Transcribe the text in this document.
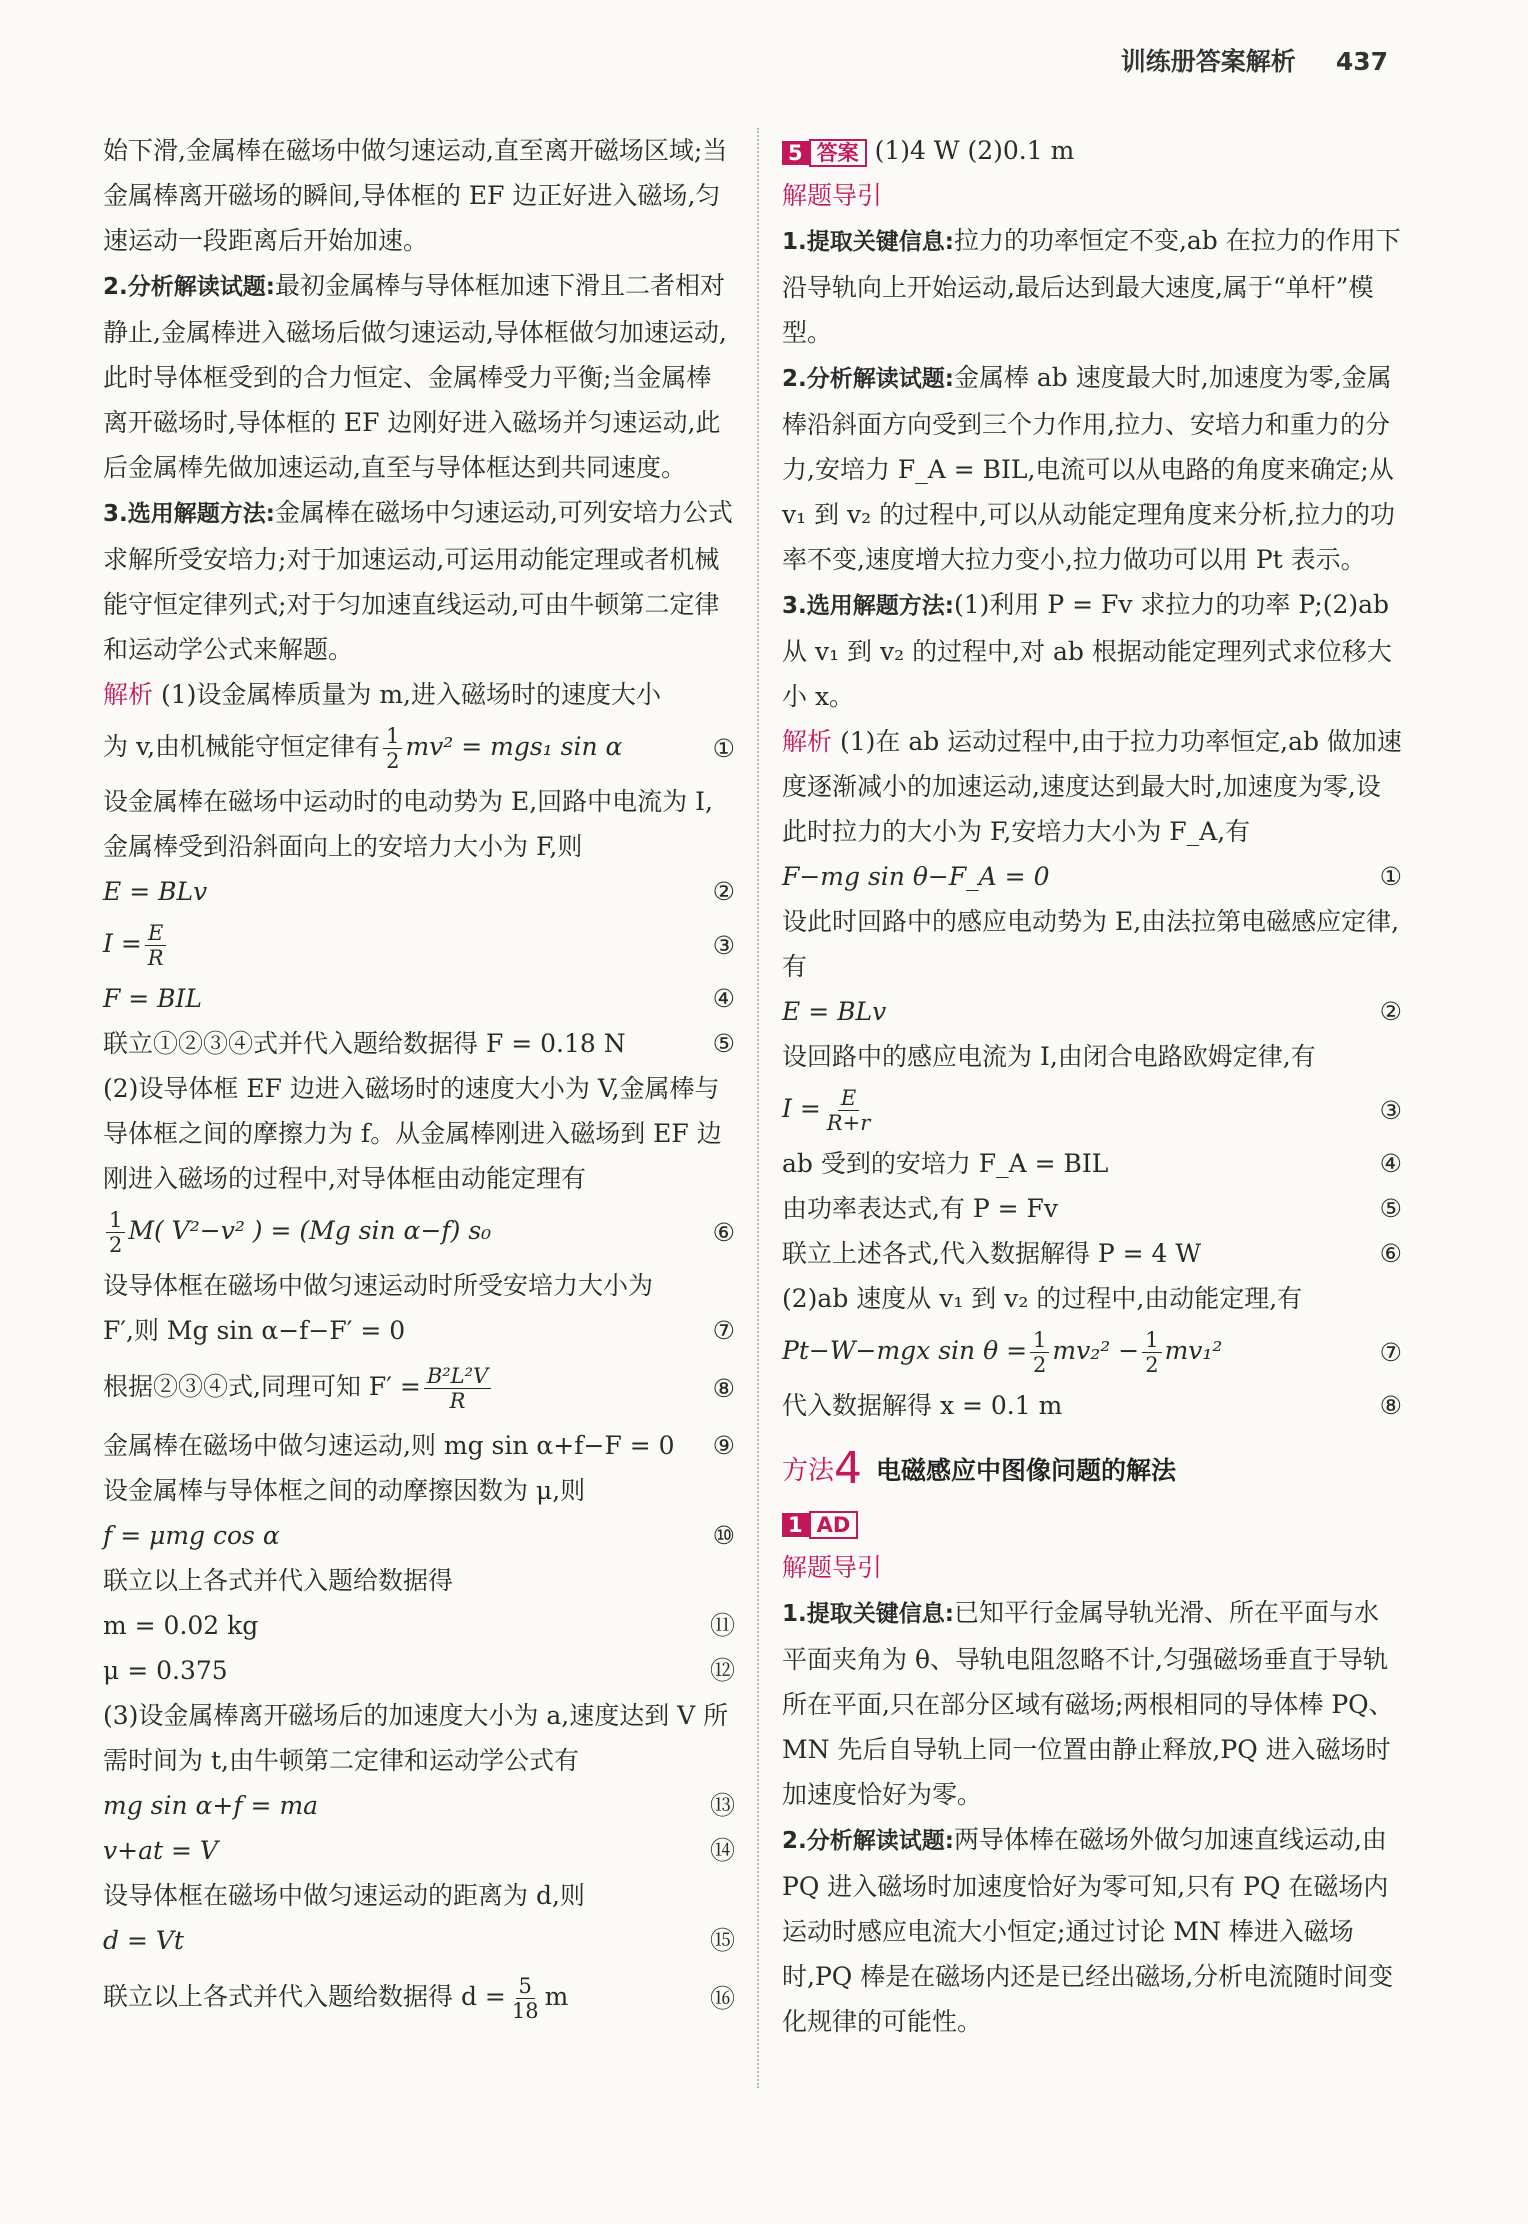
训练册答案解析 437

始下滑,金属棒在磁场中做匀速运动,直至离开磁场区域;当金属棒离开磁场的瞬间,导体框的 EF 边正好进入磁场,匀速运动一段距离后开始加速。

2.分析解读试题:最初金属棒与导体框加速下滑且二者相对静止,金属棒进入磁场后做匀速运动,导体框做匀加速运动,此时导体框受到的合力恒定、金属棒受力平衡;当金属棒离开磁场时,导体框的 EF 边刚好进入磁场并匀速运动,此后金属棒先做加速运动,直至与导体框达到共同速度。

3.选用解题方法:金属棒在磁场中匀速运动,可列安培力公式求解所受安培力;对于加速运动,可运用动能定理或者机械能守恒定律列式;对于匀加速直线运动,可由牛顿第二定律和运动学公式来解题。

解析 (1)设金属棒质量为 m,进入磁场时的速度大小

为 v,由机械能守恒定律有 $\frac{1}{2} mv^2 = mgs_1$ sin α	①

设金属棒在磁场中运动时的电动势为 E,回路中电流为 I,金属棒受到沿斜面向上的安培力大小为 F,则

E = BLv	②
$I = \frac{E}{R}$	③
F = BIL	④
联立①②③④式并代入题给数据得 F = 0.18 N	⑤

(2)设导体框 EF 边进入磁场时的速度大小为 V,金属棒与导体框之间的摩擦力为 f。从金属棒刚进入磁场到 EF 边刚进入磁场的过程中,对导体框由动能定理有

$\frac{1}{2} M$( V²−v² ) = (Mg sin α−f) s₀	⑥

设导体框在磁场中做匀速运动时所受安培力大小为

F′,则 Mg sin α−f−F′ = 0	⑦
根据②③④式,同理可知 $F' = \frac{\text{B²L²V}}{R}$	⑧
金属棒在磁场中做匀速运动,则 mg sin α+f−F = 0 ⑨

设金属棒与导体框之间的动摩擦因数为 μ,则

f = μmg cos α	⑩

联立以上各式并代入题给数据得

m = 0.02 kg	⑪
μ = 0.375	⑫

(3)设金属棒离开磁场后的加速度大小为 a,速度达到 V 所需时间为 t,由牛顿第二定律和运动学公式有

mg sin α+f = ma	⑬
v+at = V	⑭

设导体框在磁场中做匀速运动的距离为 d,则

d = Vt	⑮
联立以上各式并代入题给数据得 $d = \frac{5}{18}$ m	⑯
5 答案 (1)4 W (2)0.1 m
解题导引

1.提取关键信息:拉力的功率恒定不变,ab 在拉力的作用下沿导轨向上开始运动,最后达到最大速度,属于“单杆”模型。

2.分析解读试题:金属棒 ab 速度最大时,加速度为零,金属棒沿斜面方向受到三个力作用,拉力、安培力和重力的分力,安培力 F_A = BIL,电流可以从电路的角度来确定;从 v₁ 到 v₂ 的过程中,可以从动能定理角度来分析,拉力的功率不变,速度增大拉力变小,拉力做功可以用 Pt 表示。

3.选用解题方法:(1)利用 P = Fv 求拉力的功率 P;(2)ab 从 v₁ 到 v₂ 的过程中,对 ab 根据动能定理列式求位移大小 x。

解析 (1)在 ab 运动过程中,由于拉力功率恒定,ab 做加速度逐渐减小的加速运动,速度达到最大时,加速度为零,设此时拉力的大小为 F,安培力大小为 F_A,有

F−mg sin θ−F_A = 0	①

设此时回路中的感应电动势为 E,由法拉第电磁感应定律,有

E = BLv	②

设回路中的感应电流为 I,由闭合电路欧姆定律,有

$I = \frac{E}{R+r}$	③
ab 受到的安培力 F_A = BIL	④
由功率表达式,有 P = Fv	⑤
联立上述各式,代入数据解得 P = 4 W	⑥

(2)ab 速度从 v₁ 到 v₂ 的过程中,由动能定理,有

Pt−W−mgx $\sin \theta = \frac{1}{2} mv_2^2 - \frac{1}{2} mv_1^2$	⑦
代入数据解得 x = 0.1 m	⑧
方法4 电磁感应中图像问题的解法
1 AD
解题导引

1.提取关键信息:已知平行金属导轨光滑、所在平面与水平面夹角为 θ、导轨电阻忽略不计,匀强磁场垂直于导轨所在平面,只在部分区域有磁场;两根相同的导体棒 PQ、MN 先后自导轨上同一位置由静止释放,PQ 进入磁场时加速度恰好为零。

2.分析解读试题:两导体棒在磁场外做匀加速直线运动,由 PQ 进入磁场时加速度恰好为零可知,只有 PQ 在磁场内运动时感应电流大小恒定;通过讨论 MN 棒进入磁场时,PQ 棒是在磁场内还是已经出磁场,分析电流随时间变化规律的可能性。
